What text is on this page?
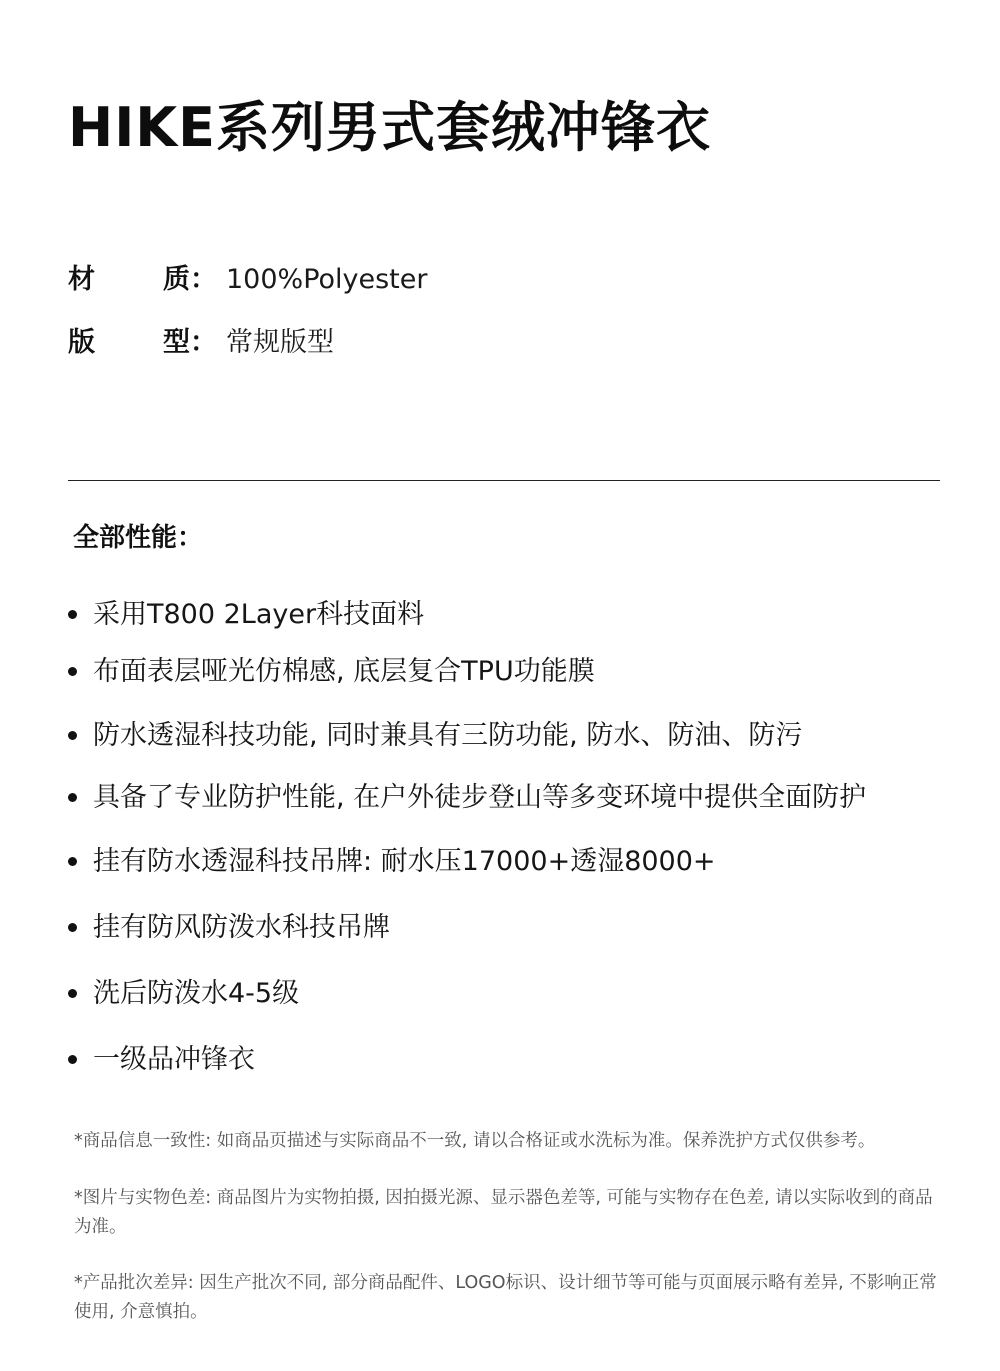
HIKE系列男式套绒冲锋衣
材	质： 100%Polyester
版	型： 常规版型
全部性能：
采用T800 2Layer科技面料
布面表层哑光仿棉感, 底层复合TPU功能膜
防水透湿科技功能, 同时兼具有三防功能, 防水、防油、防污
具备了专业防护性能, 在户外徒步登山等多变环境中提供全面防护
挂有防水透湿科技吊牌: 耐水压17000+透湿8000+
挂有防风防泼水科技吊牌
洗后防泼水4-5级
一级品冲锋衣

*商品信息一致性: 如商品页描述与实际商品不一致, 请以合格证或水洗标为准。保养洗护方式仅供参考。

*图片与实物色差: 商品图片为实物拍摄, 因拍摄光源、显示器色差等, 可能与实物存在色差, 请以实际收到的商品为准。

*产品批次差异: 因生产批次不同, 部分商品配件、LOGO标识、设计细节等可能与页面展示略有差异, 不影响正常使用, 介意慎拍。
